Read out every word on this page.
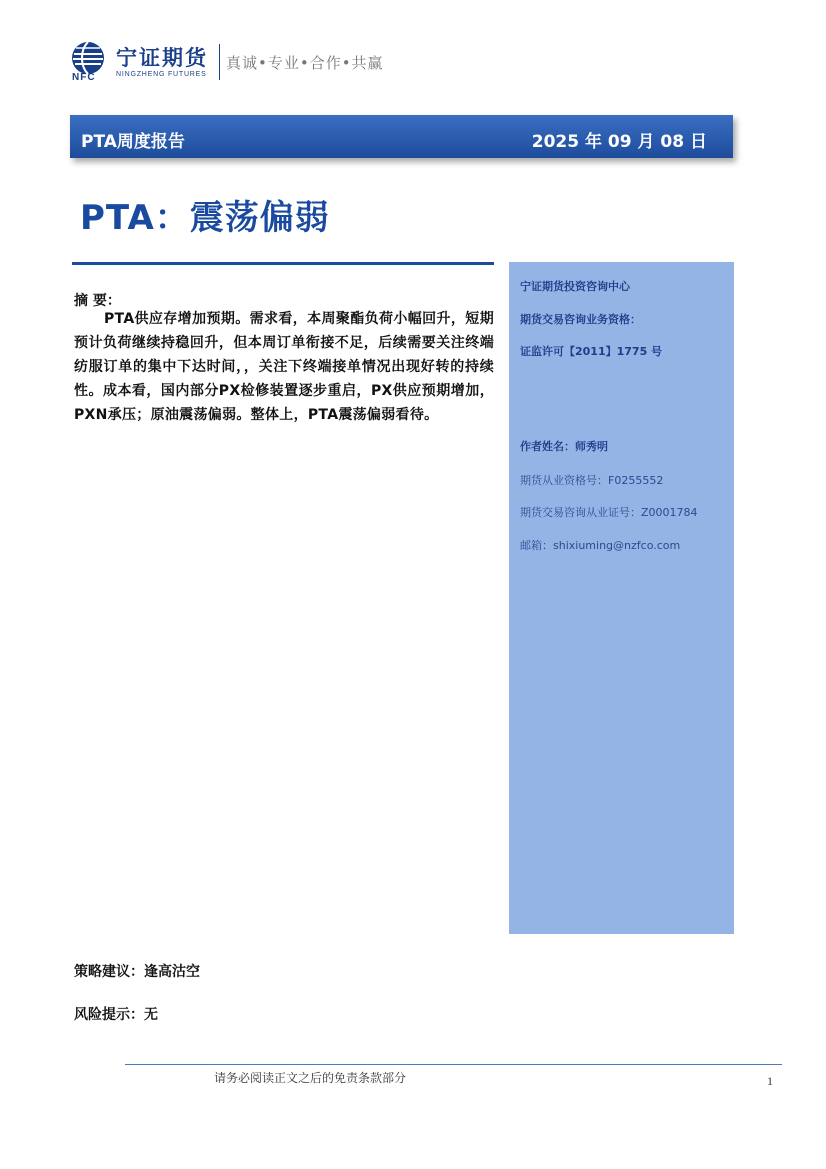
NFC
宁证期货
NINGZHENG FUTURES
真诚•专业•合作•共赢
PTA周度报告	2025 年 09 月 08 日
PTA：震荡偏弱
摘 要：
PTA供应存增加预期。需求看，本周聚酯负荷小幅回升，短期预计负荷继续持稳回升，但本周订单衔接不足，后续需要关注终端纺服订单的集中下达时间，，关注下终端接单情况出现好转的持续性。成本看，国内部分PX检修装置逐步重启，PX供应预期增加，PXN承压；原油震荡偏弱。整体上，PTA震荡偏弱看待。
宁证期货投资咨询中心
期货交易咨询业务资格：
证监许可【2011】1775 号
作者姓名：师秀明
期货从业资格号：F0255552
期货交易咨询从业证号：Z0001784
邮箱：shixiuming@nzfco.com
策略建议：逢高沽空
风险提示：无
请务必阅读正文之后的免责条款部分	1
